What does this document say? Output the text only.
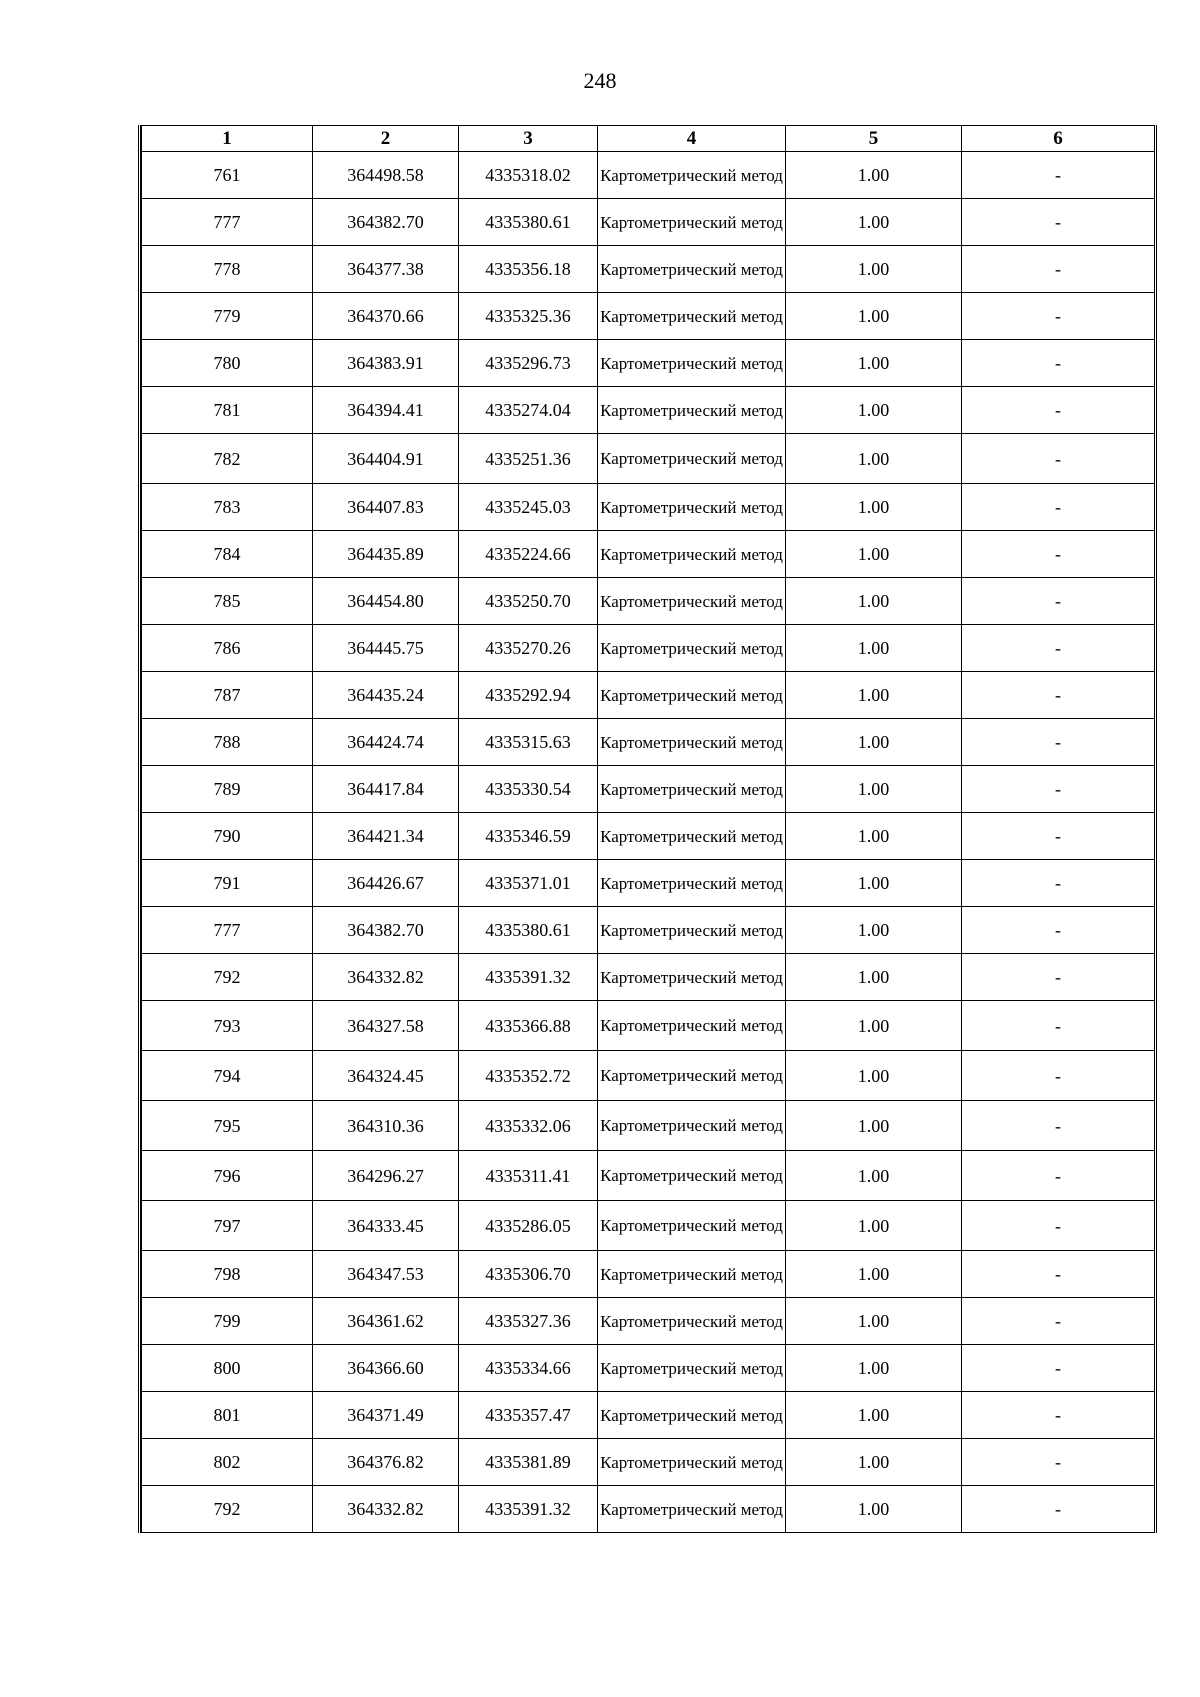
248
1	2	3	4	5	6
761	364498.58	4335318.02	Картометрический метод	1.00	-
777	364382.70	4335380.61	Картометрический метод	1.00	-
778	364377.38	4335356.18	Картометрический метод	1.00	-
779	364370.66	4335325.36	Картометрический метод	1.00	-
780	364383.91	4335296.73	Картометрический метод	1.00	-
781	364394.41	4335274.04	Картометрический метод	1.00	-
782	364404.91	4335251.36	Картометрический метод	1.00	-
783	364407.83	4335245.03	Картометрический метод	1.00	-
784	364435.89	4335224.66	Картометрический метод	1.00	-
785	364454.80	4335250.70	Картометрический метод	1.00	-
786	364445.75	4335270.26	Картометрический метод	1.00	-
787	364435.24	4335292.94	Картометрический метод	1.00	-
788	364424.74	4335315.63	Картометрический метод	1.00	-
789	364417.84	4335330.54	Картометрический метод	1.00	-
790	364421.34	4335346.59	Картометрический метод	1.00	-
791	364426.67	4335371.01	Картометрический метод	1.00	-
777	364382.70	4335380.61	Картометрический метод	1.00	-
792	364332.82	4335391.32	Картометрический метод	1.00	-
793	364327.58	4335366.88	Картометрический метод	1.00	-
794	364324.45	4335352.72	Картометрический метод	1.00	-
795	364310.36	4335332.06	Картометрический метод	1.00	-
796	364296.27	4335311.41	Картометрический метод	1.00	-
797	364333.45	4335286.05	Картометрический метод	1.00	-
798	364347.53	4335306.70	Картометрический метод	1.00	-
799	364361.62	4335327.36	Картометрический метод	1.00	-
800	364366.60	4335334.66	Картометрический метод	1.00	-
801	364371.49	4335357.47	Картометрический метод	1.00	-
802	364376.82	4335381.89	Картометрический метод	1.00	-
792	364332.82	4335391.32	Картометрический метод	1.00	-
